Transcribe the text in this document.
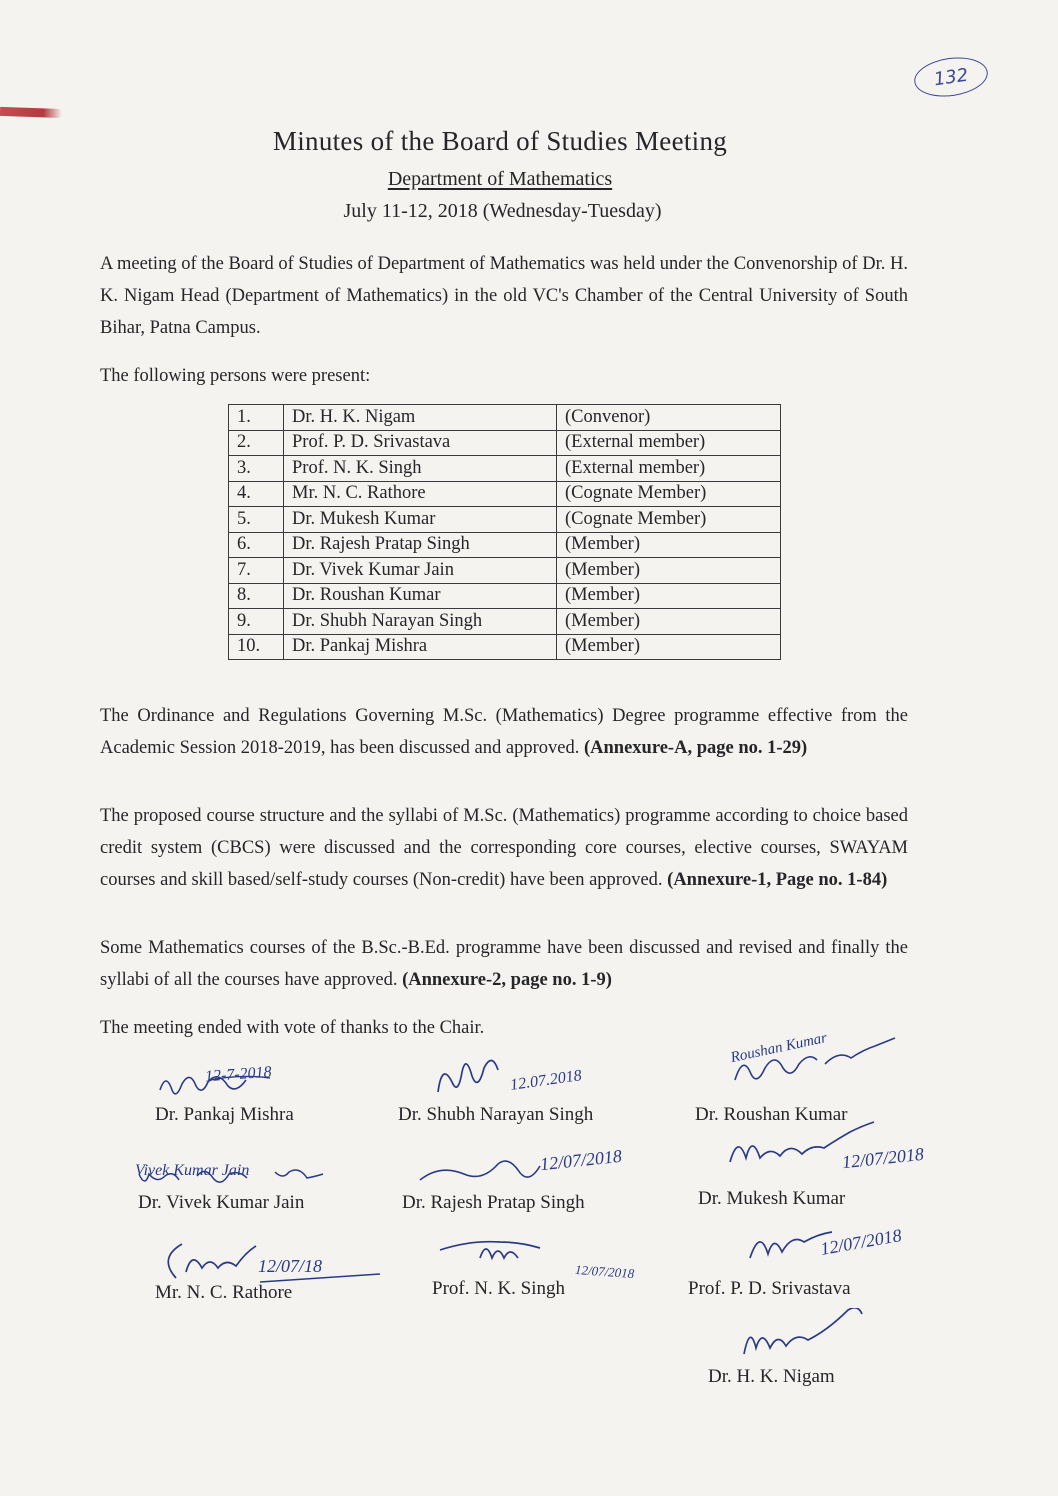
132
Minutes of the Board of Studies Meeting
Department of Mathematics
July 11-12, 2018 (Wednesday-Tuesday)
A meeting of the Board of Studies of Department of Mathematics was held under the Convenorship of Dr. H. K. Nigam Head (Department of Mathematics) in the old VC's Chamber of the Central University of South Bihar, Patna Campus.
The following persons were present:
1.	Dr. H. K. Nigam	(Convenor)
2.	Prof. P. D. Srivastava	(External member)
3.	Prof. N. K. Singh	(External member)
4.	Mr. N. C. Rathore	(Cognate Member)
5.	Dr. Mukesh Kumar	(Cognate Member)
6.	Dr. Rajesh Pratap Singh	(Member)
7.	Dr. Vivek Kumar Jain	(Member)
8.	Dr. Roushan Kumar	(Member)
9.	Dr. Shubh Narayan Singh	(Member)
10.	Dr. Pankaj Mishra	(Member)
The Ordinance and Regulations Governing M.Sc. (Mathematics) Degree programme effective from the Academic Session 2018-2019, has been discussed and approved. (Annexure-A, page no. 1-29)
The proposed course structure and the syllabi of M.Sc. (Mathematics) programme according to choice based credit system (CBCS) were discussed and the corresponding core courses, elective courses, SWAYAM courses and skill based/self-study courses (Non-credit) have been approved. (Annexure-1, Page no. 1-84)
Some Mathematics courses of the B.Sc.-B.Ed. programme have been discussed and revised and finally the syllabi of all the courses have approved. (Annexure-2, page no. 1-9)
The meeting ended with vote of thanks to the Chair.
12-7-2018	12.07.2018
Roushan Kumar
Vivek Kumar Jain	12/07/2018	12/07/2018
12/07/18	12/07/2018
12/07/2018
Dr. Pankaj Mishra	Dr. Shubh Narayan Singh	Dr. Roushan Kumar
Dr. Vivek Kumar Jain	Dr. Rajesh Pratap Singh	Dr. Mukesh Kumar
Mr. N. C. Rathore	Prof. N. K. Singh	Prof. P. D. Srivastava
Dr. H. K. Nigam
